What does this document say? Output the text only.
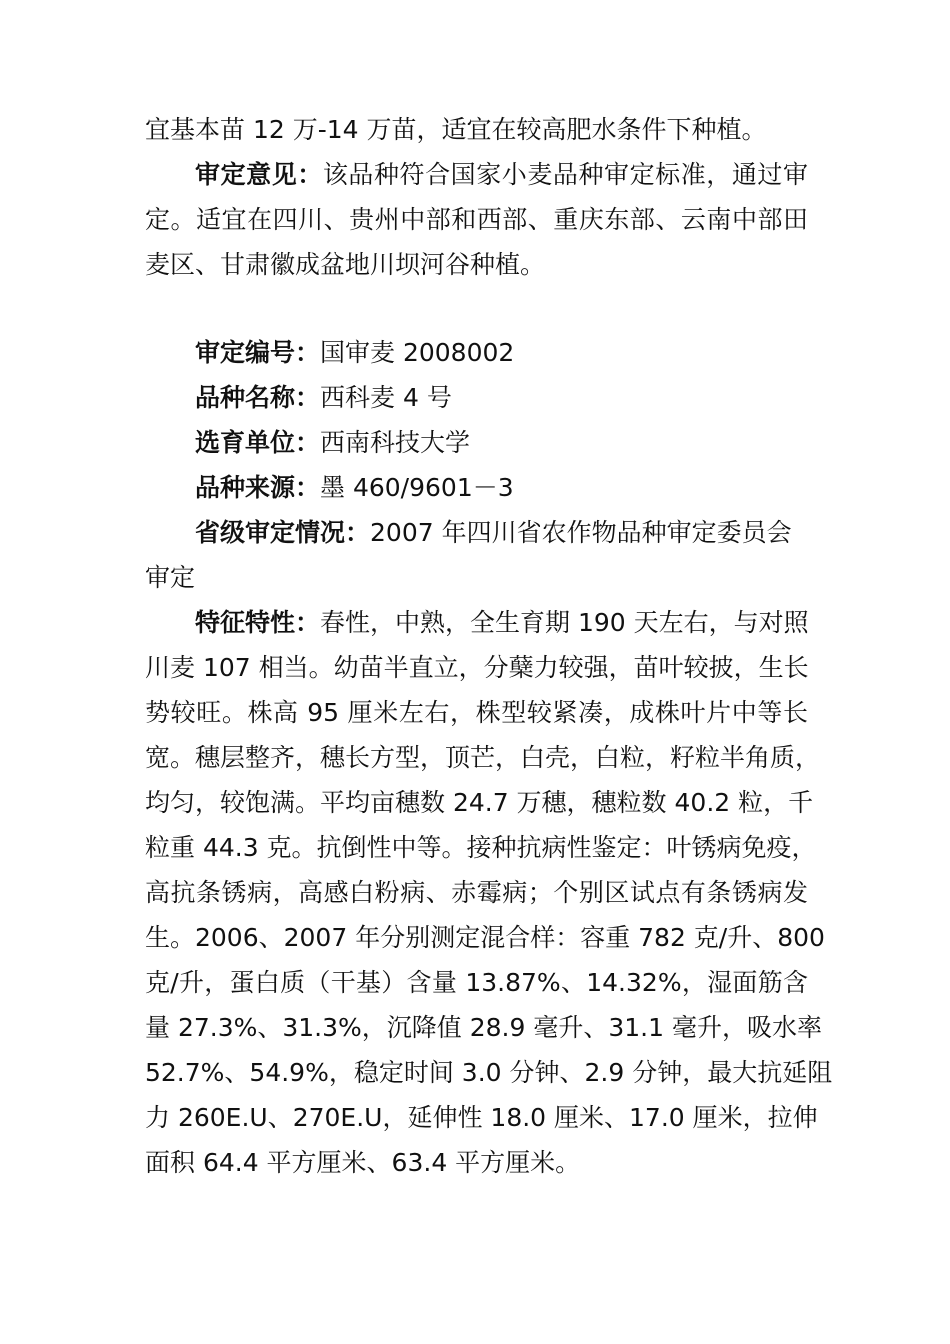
宜基本苗 12 万-14 万苗，适宜在较高肥水条件下种植。
审定意见：该品种符合国家小麦品种审定标准，通过审
定。适宜在四川、贵州中部和西部、重庆东部、云南中部田
麦区、甘肃徽成盆地川坝河谷种植。
审定编号：国审麦 2008002
品种名称：西科麦 4 号
选育单位：西南科技大学
品种来源：墨 460/9601－3
省级审定情况：2007 年四川省农作物品种审定委员会
审定
特征特性：春性，中熟，全生育期 190 天左右，与对照
川麦 107 相当。幼苗半直立，分蘖力较强，苗叶较披，生长
势较旺。株高 95 厘米左右，株型较紧凑，成株叶片中等长
宽。穗层整齐，穗长方型，顶芒，白壳，白粒，籽粒半角质，
均匀，较饱满。平均亩穗数 24.7 万穗，穗粒数 40.2 粒，千
粒重 44.3 克。抗倒性中等。接种抗病性鉴定：叶锈病免疫，
高抗条锈病，高感白粉病、赤霉病；个别区试点有条锈病发
生。2006、2007 年分别测定混合样：容重 782 克/升、800
克/升，蛋白质（干基）含量 13.87%、14.32%，湿面筋含
量 27.3%、31.3%，沉降值 28.9 毫升、31.1 毫升，吸水率
52.7%、54.9%，稳定时间 3.0 分钟、2.9 分钟，最大抗延阻
力 260E.U、270E.U，延伸性 18.0 厘米、17.0 厘米，拉伸
面积 64.4 平方厘米、63.4 平方厘米。
